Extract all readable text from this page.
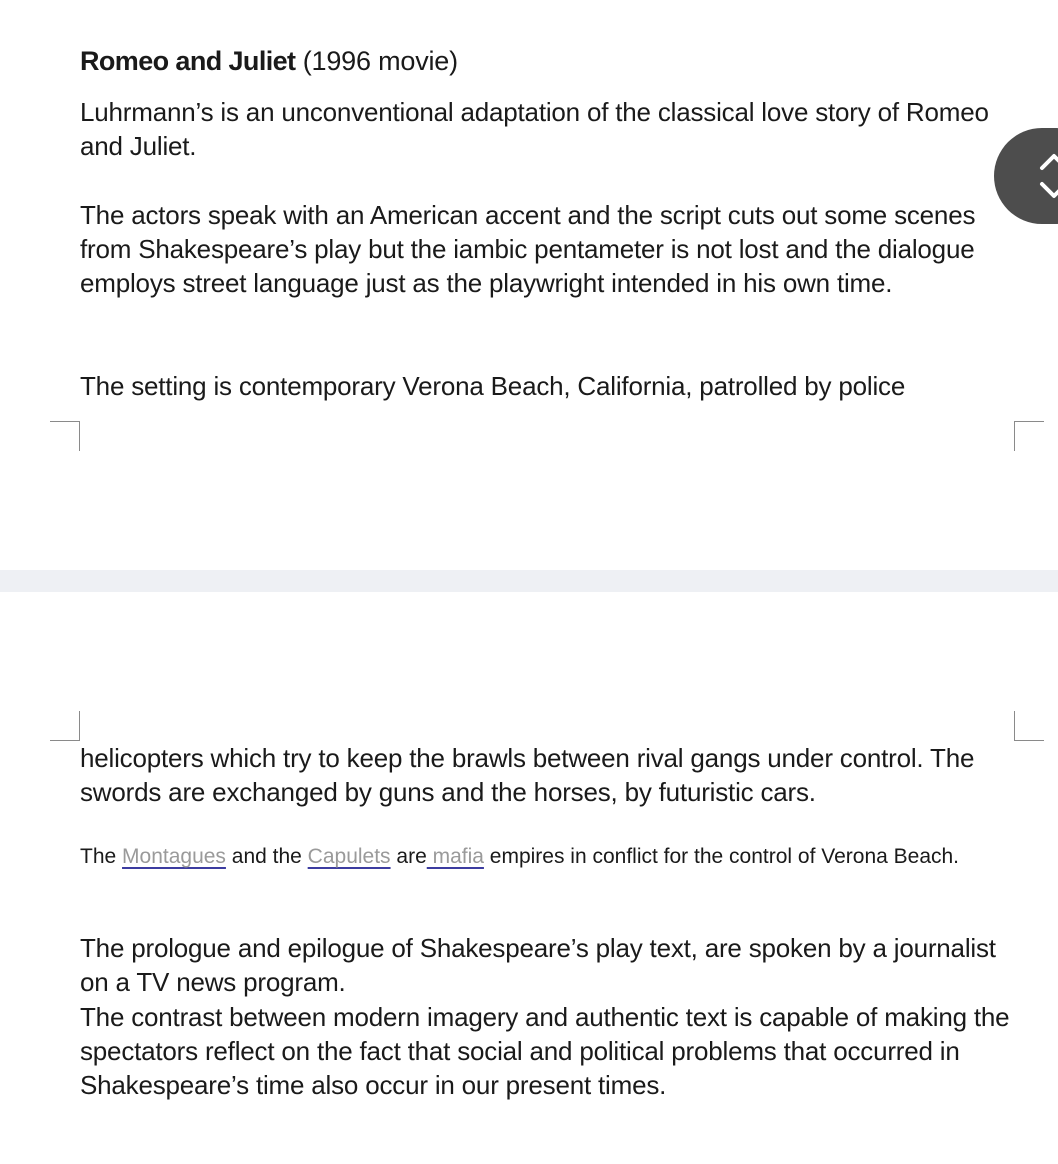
Romeo and Juliet (1996 movie)

Luhrmann’s is an unconventional adaptation of the classical love story of Romeo and Juliet.

The actors speak with an American accent and the script cuts out some scenes from Shakespeare’s play but the iambic pentameter is not lost and the dialogue employs street language just as the playwright intended in his own time.

The setting is contemporary Verona Beach, California, patrolled by police

helicopters which try to keep the brawls between rival gangs under control. The swords are exchanged by guns and the horses, by futuristic cars.

The Montagues and the Capulets are mafia empires in conflict for the control of Verona Beach.

The prologue and epilogue of Shakespeare’s play text, are spoken by a journalist on a TV news program.

The contrast between modern imagery and authentic text is capable of making the spectators reflect on the fact that social and political problems that occurred in Shakespeare’s time also occur in our present times.
